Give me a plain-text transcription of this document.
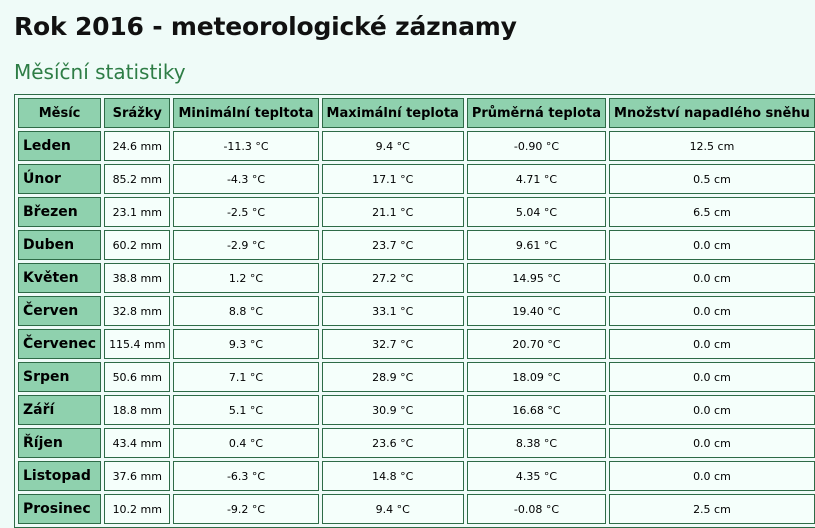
Rok 2016 - meteorologické záznamy
Měsíční statistiky
Měsíc	Srážky	Minimální tepltota	Maximální teplota	Průměrná teplota	Množství napadlého sněhu
Leden	24.6 mm	-11.3 °C	9.4 °C	-0.90 °C	12.5 cm
Únor	85.2 mm	-4.3 °C	17.1 °C	4.71 °C	0.5 cm
Březen	23.1 mm	-2.5 °C	21.1 °C	5.04 °C	6.5 cm
Duben	60.2 mm	-2.9 °C	23.7 °C	9.61 °C	0.0 cm
Květen	38.8 mm	1.2 °C	27.2 °C	14.95 °C	0.0 cm
Červen	32.8 mm	8.8 °C	33.1 °C	19.40 °C	0.0 cm
Červenec	115.4 mm	9.3 °C	32.7 °C	20.70 °C	0.0 cm
Srpen	50.6 mm	7.1 °C	28.9 °C	18.09 °C	0.0 cm
Září	18.8 mm	5.1 °C	30.9 °C	16.68 °C	0.0 cm
Říjen	43.4 mm	0.4 °C	23.6 °C	8.38 °C	0.0 cm
Listopad	37.6 mm	-6.3 °C	14.8 °C	4.35 °C	0.0 cm
Prosinec	10.2 mm	-9.2 °C	9.4 °C	-0.08 °C	2.5 cm
